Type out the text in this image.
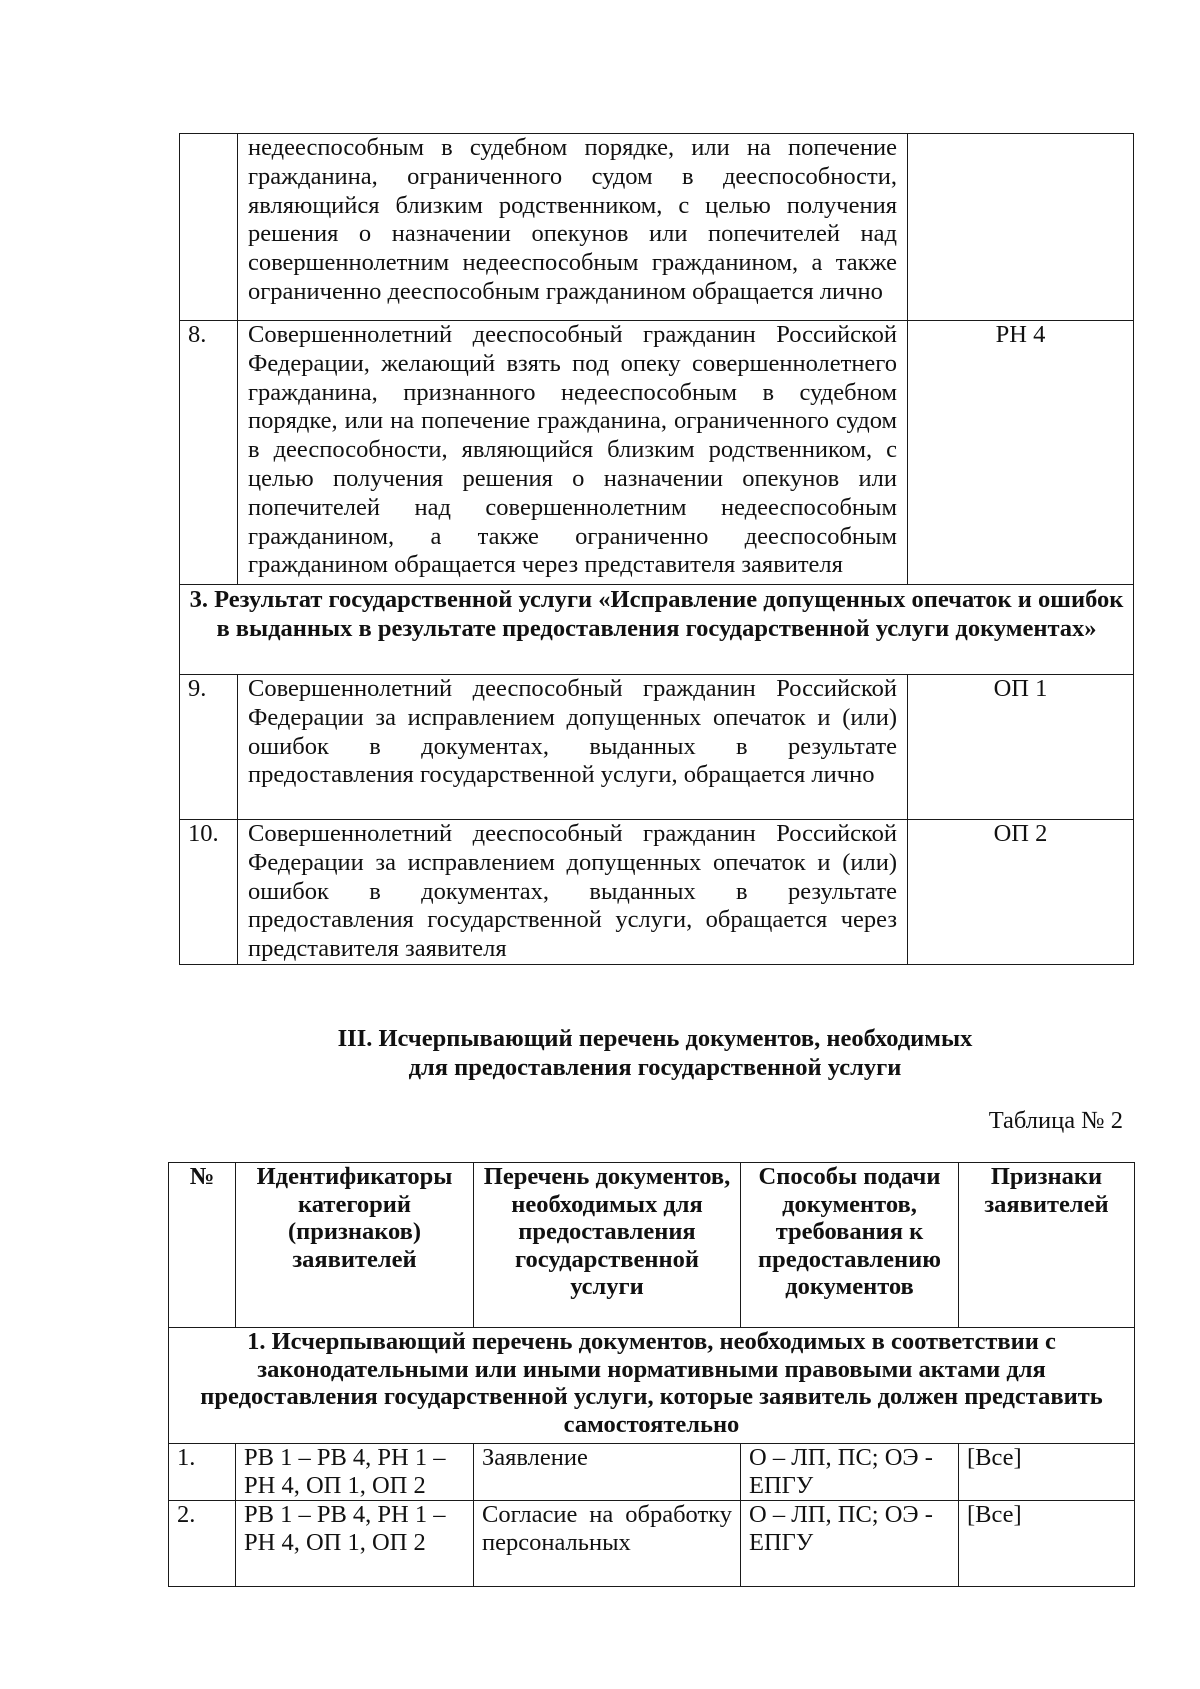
	недееспособным в судебном порядке, или на попечение гражданина, ограниченного судом в дееспособности, являющийся близким родственником, с целью получения решения о назначении опекунов или попечителей над совершеннолетним недееспособным гражданином, а также ограниченно дееспособным гражданином обращается лично	
8.	Совершеннолетний дееспособный гражданин Российской Федерации, желающий взять под опеку совершеннолетнего гражданина, признанного недееспособным в судебном порядке, или на попечение гражданина, ограниченного судом в дееспособности, являющийся близким родственником, с целью получения решения о назначении опекунов или попечителей над совершеннолетним недееспособным гражданином, а также ограниченно дееспособным гражданином обращается через представителя заявителя	РН 4
3. Результат государственной услуги «Исправление допущенных опечаток и ошибок в выданных в результате предоставления государственной услуги документах»		
9.	Совершеннолетний дееспособный гражданин Российской Федерации за исправлением допущенных опечаток и (или) ошибок в документах, выданных в результате предоставления государственной услуги, обращается лично	ОП 1
10.	Совершеннолетний дееспособный гражданин Российской Федерации за исправлением допущенных опечаток и (или) ошибок в документах, выданных в результате предоставления государственной услуги, обращается через представителя заявителя	ОП 2
III. Исчерпывающий перечень документов, необходимых
для предоставления государственной услуги
Таблица № 2
№	Идентификаторы категорий (признаков) заявителей	Перечень документов, необходимых для предоставления государственной услуги	Способы подачи документов, требования к предоставлению документов	Признаки заявителей
1. Исчерпывающий перечень документов, необходимых в соответствии с законодательными или иными нормативными правовыми актами для предоставления государственной услуги, которые заявитель должен представить самостоятельно				
1.	РВ 1 – РВ 4, РН 1 – РН 4, ОП 1, ОП 2	Заявление	О – ЛП, ПС; ОЭ - ЕПГУ	[Все]
2.	РВ 1 – РВ 4, РН 1 – РН 4, ОП 1, ОП 2	Согласие на обработку персональных	О – ЛП, ПС; ОЭ - ЕПГУ	[Все]
